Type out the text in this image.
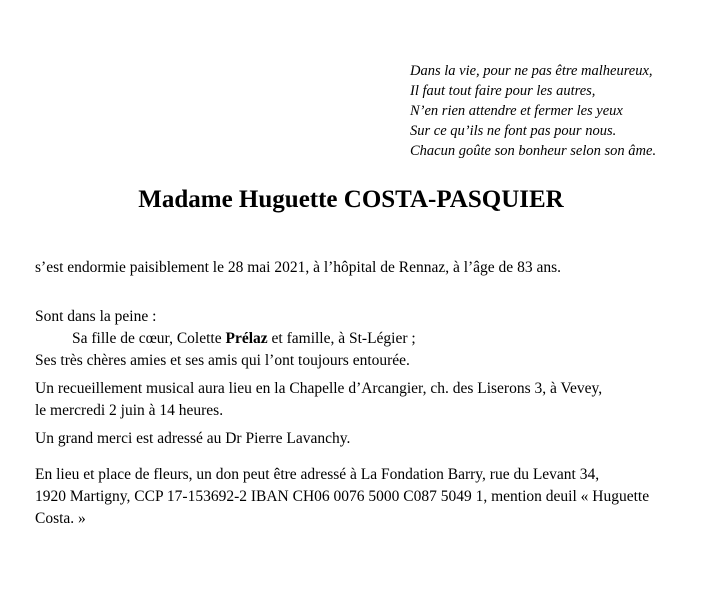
Dans la vie, pour ne pas être malheureux,
Il faut tout faire pour les autres,
N’en rien attendre et fermer les yeux
Sur ce qu’ils ne font pas pour nous.
Chacun goûte son bonheur selon son âme.
Madame Huguette COSTA-PASQUIER
s’est endormie paisiblement le 28 mai 2021, à l’hôpital de Rennaz, à l’âge de 83 ans.
Sont dans la peine :
Sa fille de cœur, Colette Prélaz et famille, à St-Légier ;
Ses très chères amies et ses amis qui l’ont toujours entourée.
Un recueillement musical aura lieu en la Chapelle d’Arcangier, ch. des Liserons 3, à Vevey,
le mercredi 2 juin à 14 heures.
Un grand merci est adressé au Dr Pierre Lavanchy.
En lieu et place de fleurs, un don peut être adressé à La Fondation Barry, rue du Levant 34,
1920 Martigny, CCP 17-153692-2 IBAN CH06 0076 5000 C087 5049 1, mention deuil « Huguette
Costa. »
